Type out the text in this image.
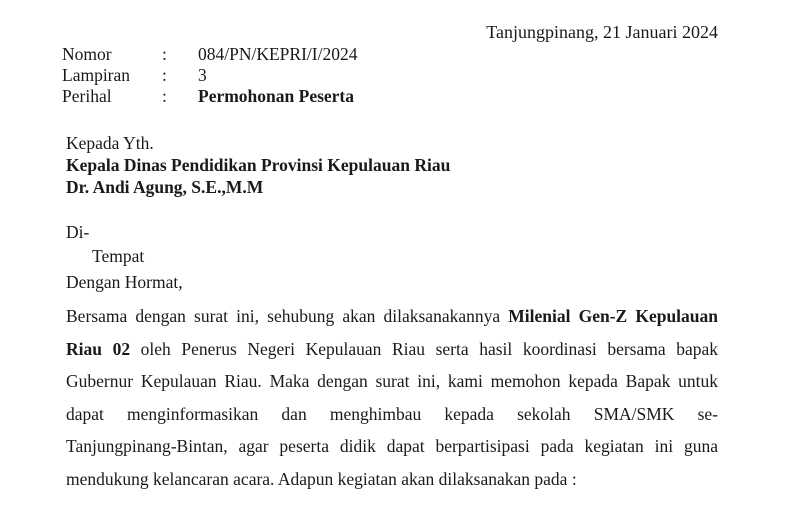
Tanjungpinang, 21 Januari 2024
Nomor	:	084/PN/KEPRI/I/2024
Lampiran	:	3
Perihal	:	Permohonan Peserta
Kepada Yth.
Kepala Dinas Pendidikan Provinsi Kepulauan Riau
Dr. Andi Agung, S.E.,M.M
Di-
Tempat
Dengan Hormat,
Bersama dengan surat ini, sehubung akan dilaksanakannya Milenial Gen-Z Kepulauan
Riau 02 oleh Penerus Negeri Kepulauan Riau serta hasil koordinasi bersama bapak
Gubernur Kepulauan Riau. Maka dengan surat ini, kami memohon kepada Bapak untuk
dapat menginformasikan dan menghimbau kepada sekolah SMA/SMK se-
Tanjungpinang-Bintan, agar peserta didik dapat berpartisipasi pada kegiatan ini guna
mendukung kelancaran acara. Adapun kegiatan akan dilaksanakan pada :
